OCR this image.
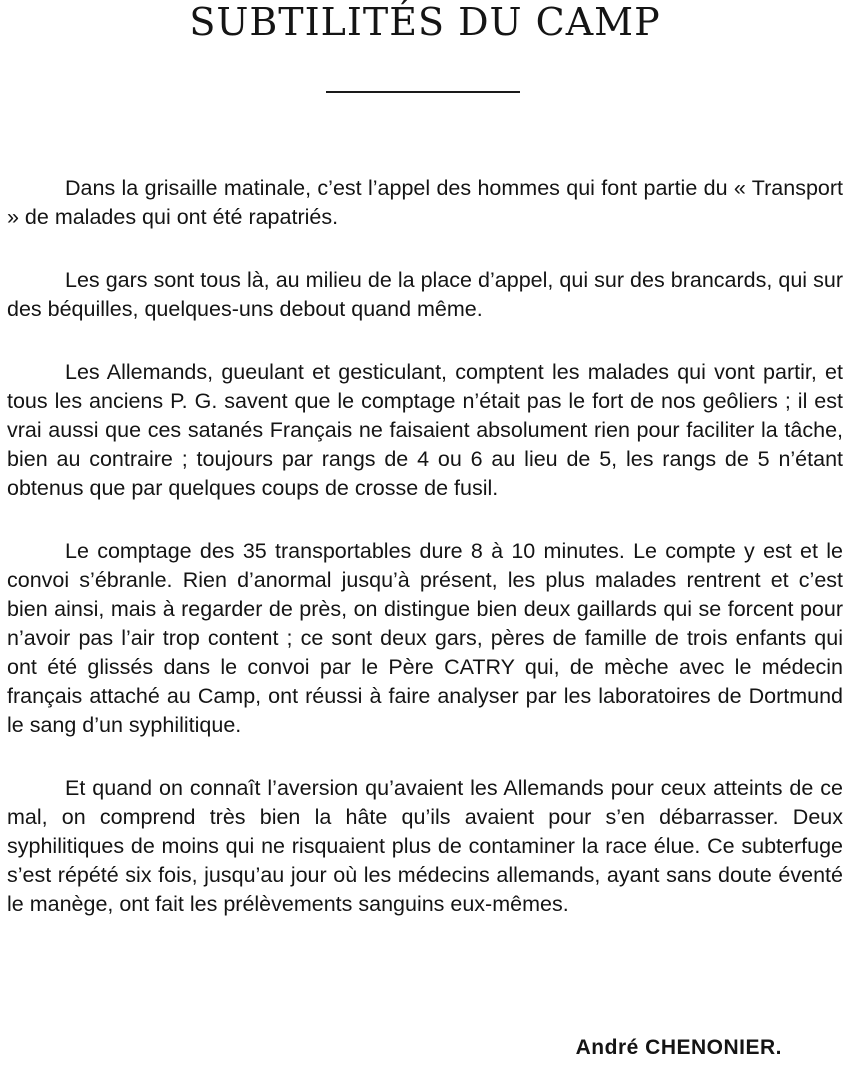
SUBTILITÉS DU CAMP

Dans la grisaille matinale, c’est l’appel des hommes qui font partie du « Transport » de malades qui ont été rapatriés.

Les gars sont tous là, au milieu de la place d’appel, qui sur des brancards, qui sur des béquilles, quelques-uns debout quand même.

Les Allemands, gueulant et gesticulant, comptent les malades qui vont partir, et tous les anciens P. G. savent que le comptage n’était pas le fort de nos geôliers ; il est vrai aussi que ces satanés Français ne faisaient absolument rien pour faciliter la tâche, bien au contraire ; toujours par rangs de 4 ou 6 au lieu de 5, les rangs de 5 n’étant obtenus que par quelques coups de crosse de fusil.

Le comptage des 35 transportables dure 8 à 10 minutes. Le compte y est et le convoi s’ébranle. Rien d’anormal jusqu’à présent, les plus malades rentrent et c’est bien ainsi, mais à regarder de près, on distingue bien deux gaillards qui se forcent pour n’avoir pas l’air trop content ; ce sont deux gars, pères de famille de trois enfants qui ont été glissés dans le convoi par le Père CATRY qui, de mèche avec le médecin français attaché au Camp, ont réussi à faire analyser par les laboratoires de Dortmund le sang d’un syphilitique.

Et quand on connaît l’aversion qu’avaient les Allemands pour ceux atteints de ce mal, on comprend très bien la hâte qu’ils avaient pour s’en débarrasser. Deux syphilitiques de moins qui ne risquaient plus de contaminer la race élue. Ce subterfuge s’est répété six fois, jusqu’au jour où les médecins allemands, ayant sans doute éventé le manège, ont fait les prélèvements sanguins eux-mêmes.

André CHENONIER.
